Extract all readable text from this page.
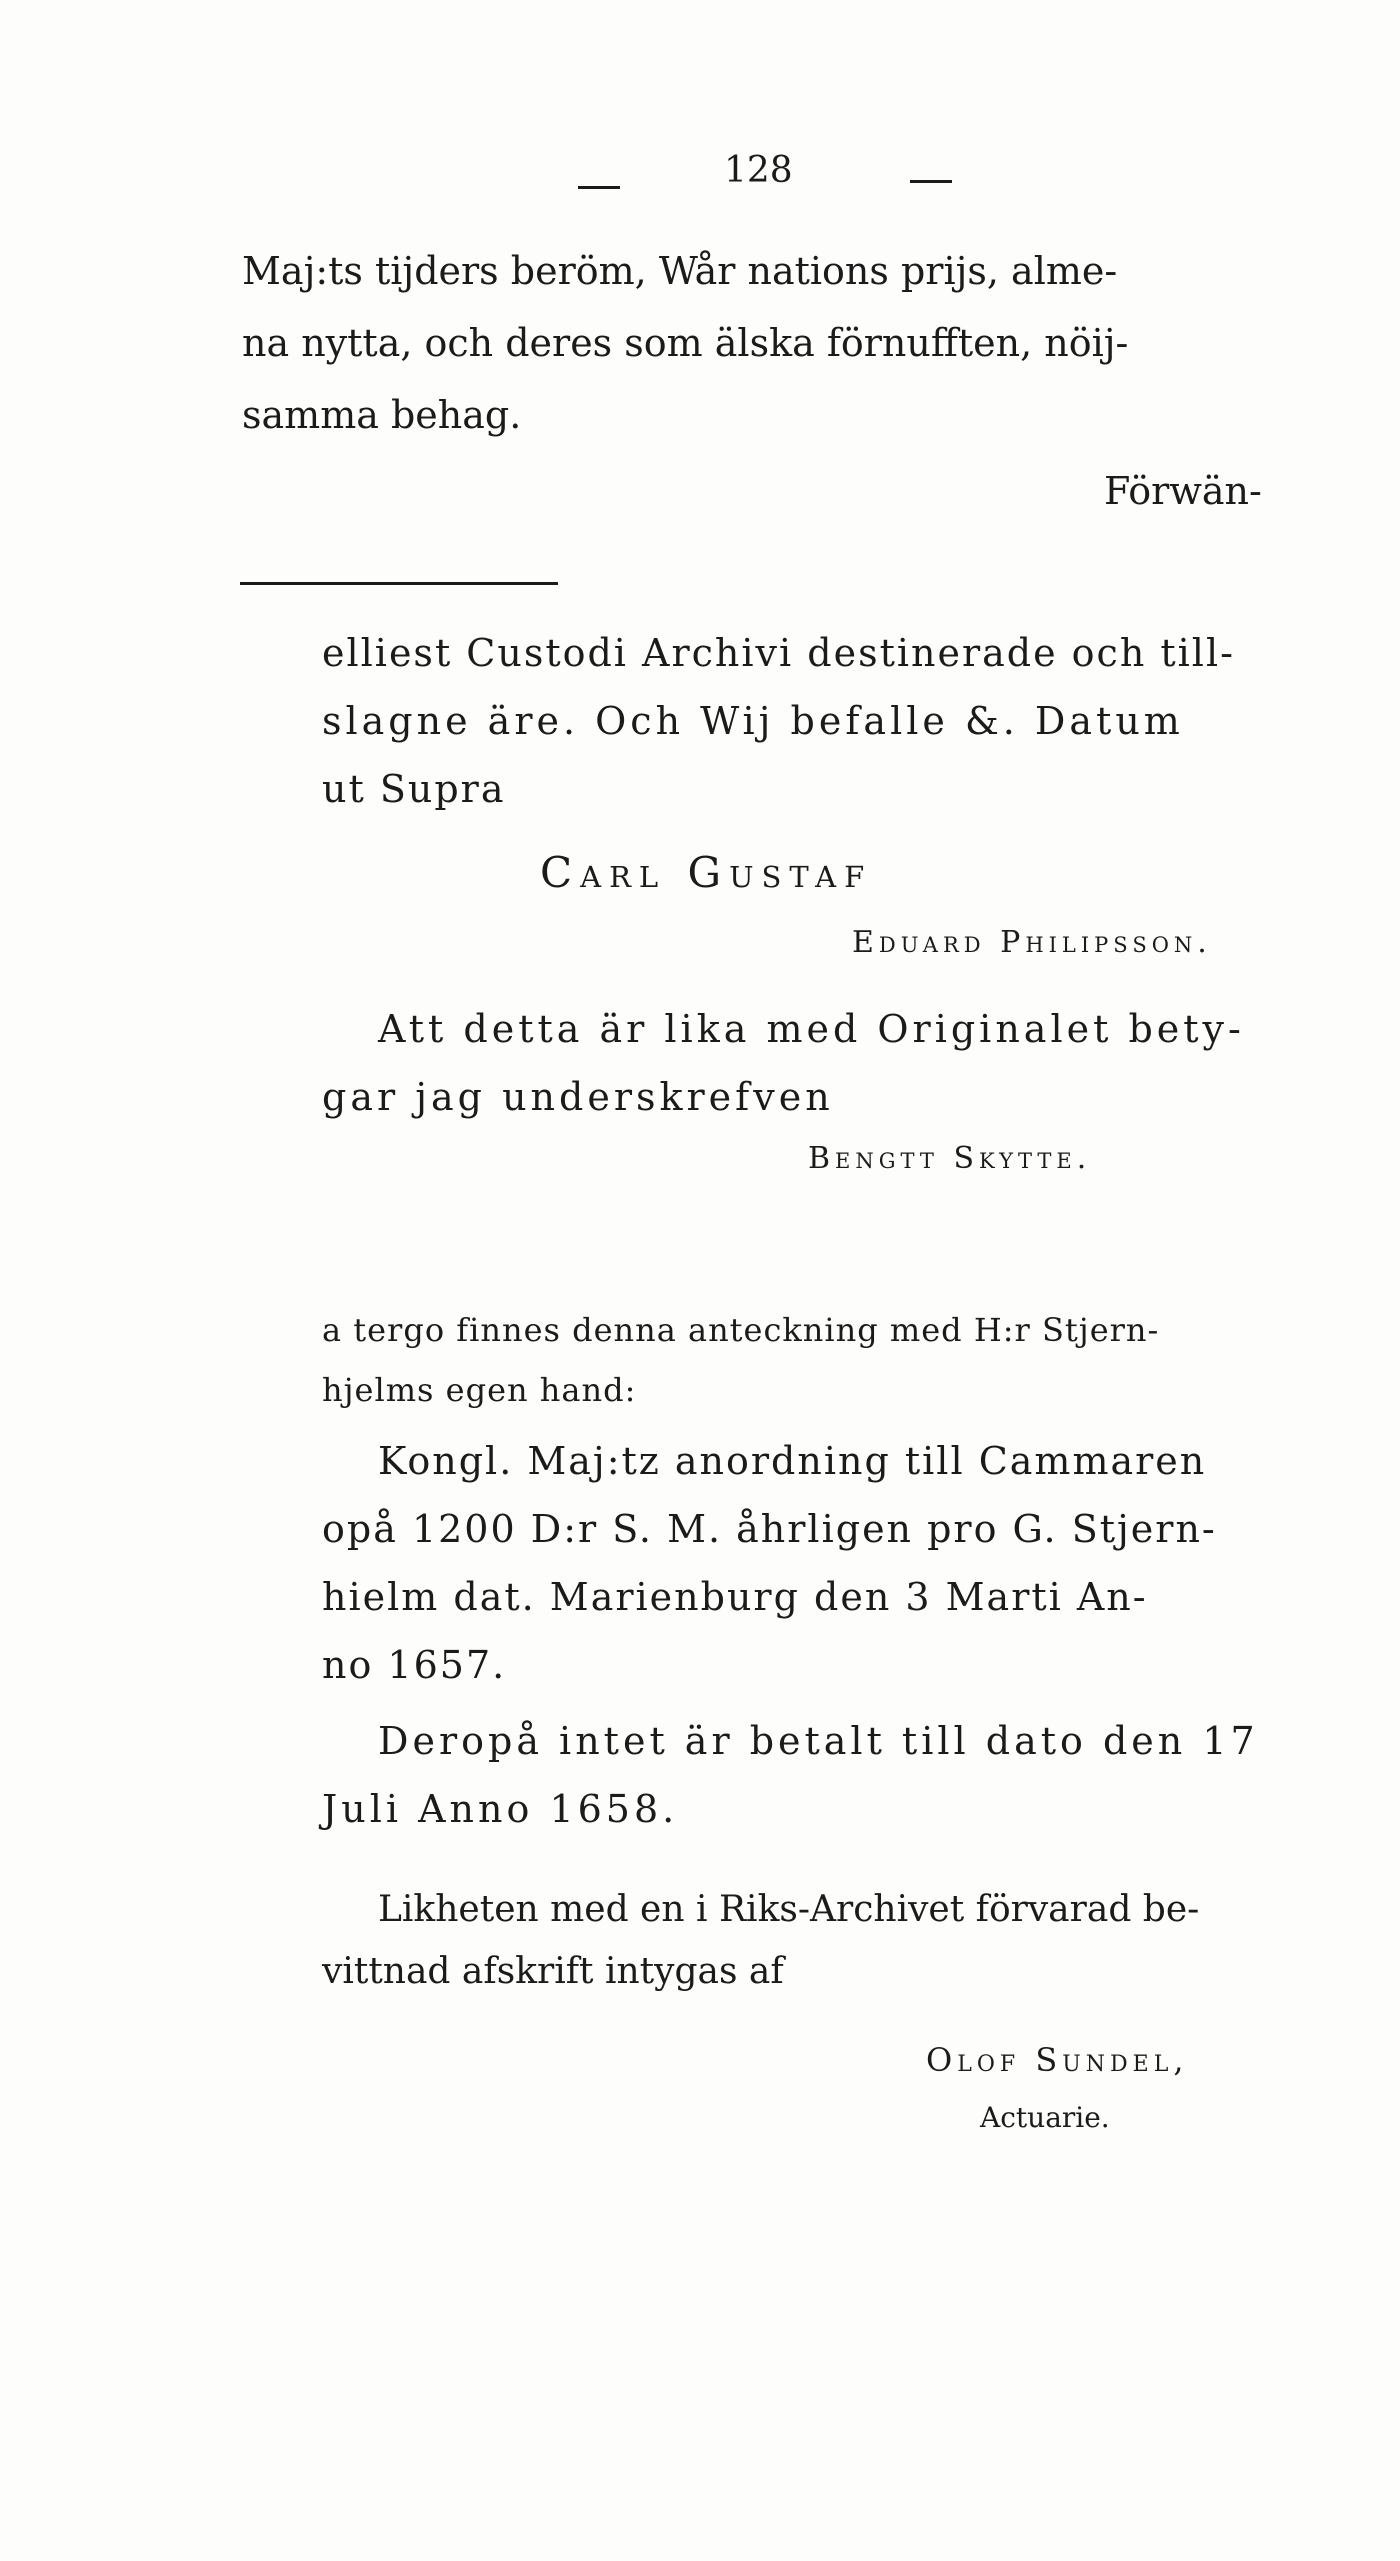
128
Maj:ts tijders beröm, Wår nations prijs, alme-
na nytta, och deres som älska förnufften, nöij-
samma behag.
Förwän-
elliest Custodi Archivi destinerade och till-
slagne äre. Och Wij befalle &. Datum
ut Supra
Carl Gustaf
Eduard Philipsson.
Att detta är lika med Originalet bety-
gar jag underskrefven
Bengtt Skytte.
a tergo finnes denna anteckning med H:r Stjern-
hjelms egen hand:
Kongl. Maj:tz anordning till Cammaren
opå 1200 D:r S. M. åhrligen pro G. Stjern-
hielm dat. Marienburg den 3 Marti An-
no 1657.
Deropå intet är betalt till dato den 17
Juli Anno 1658.
Likheten med en i Riks-Archivet förvarad be-
vittnad afskrift intygas af
Olof Sundel,
Actuarie.
